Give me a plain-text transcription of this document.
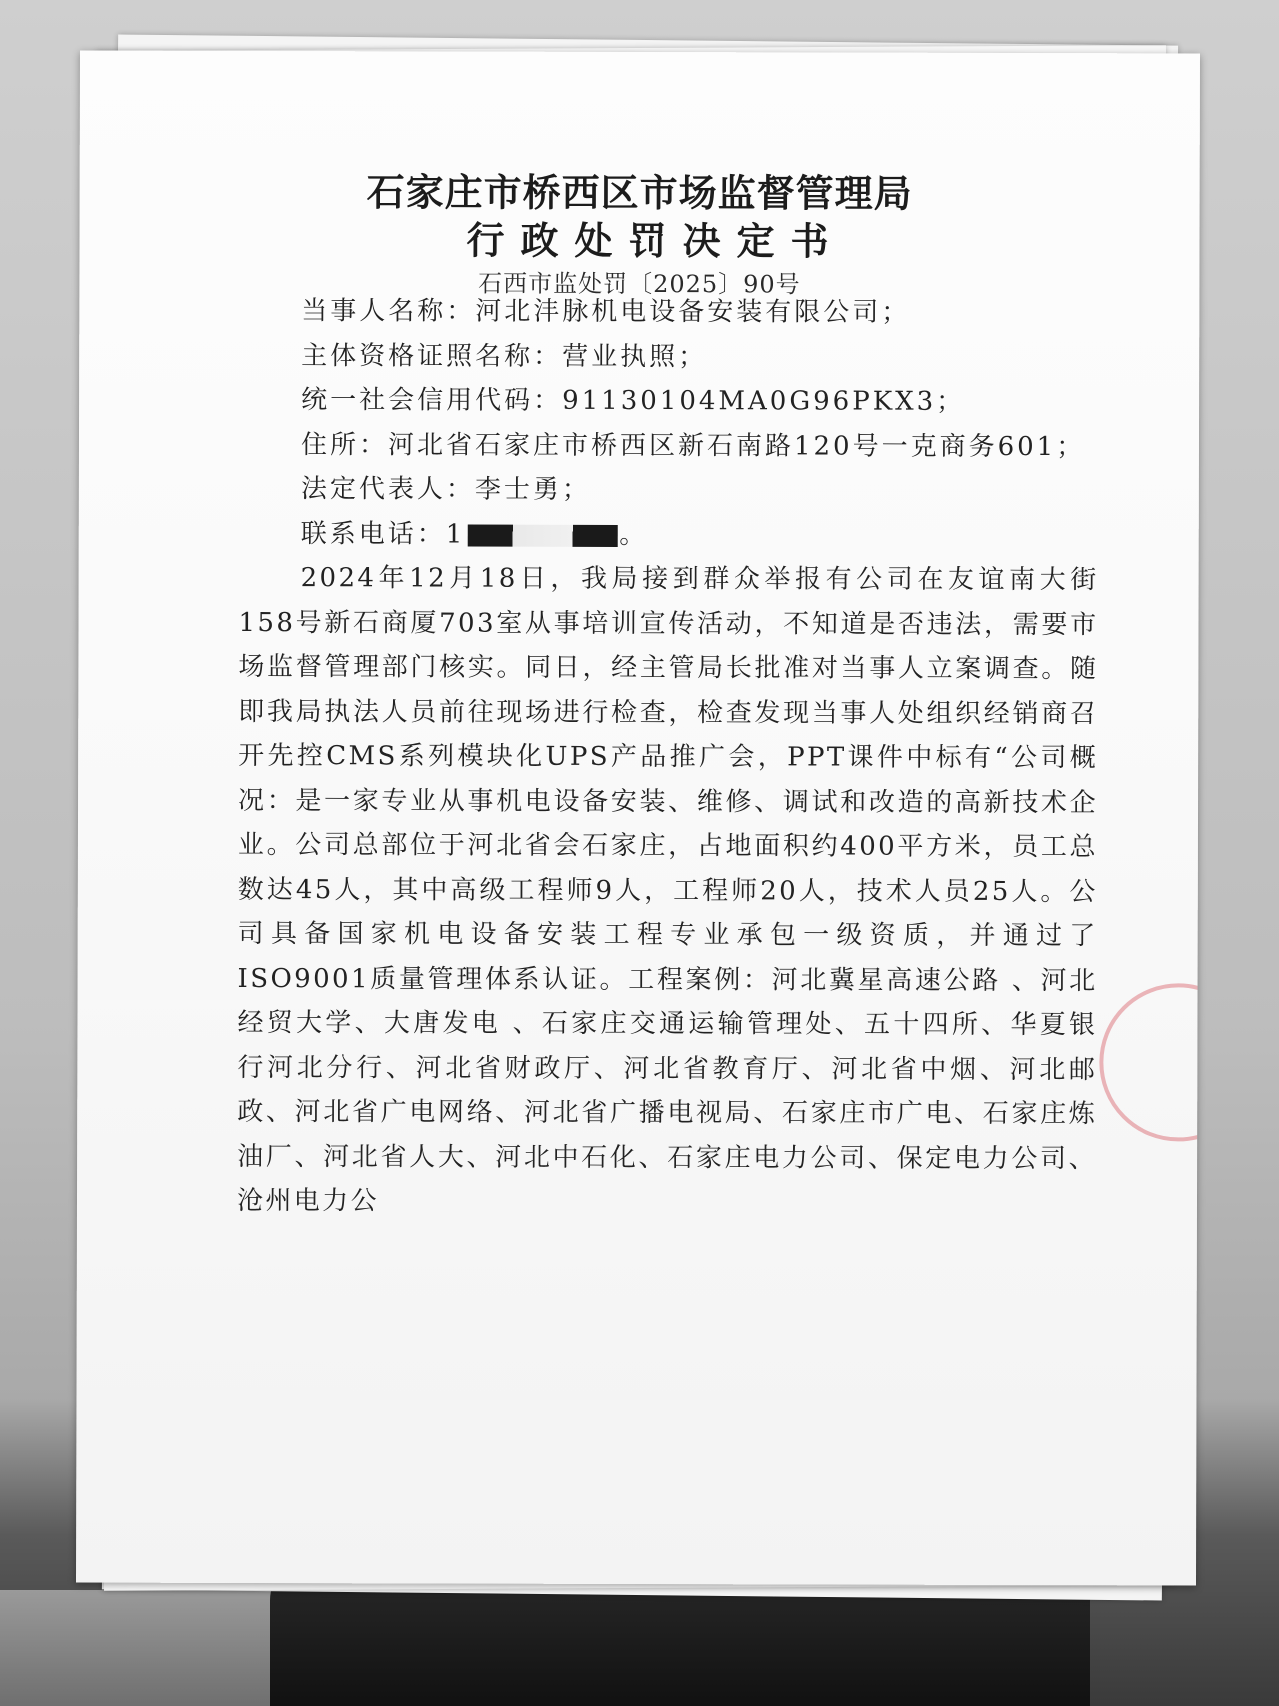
石家庄市桥西区市场监督管理局
行政处罚决定书
石西市监处罚〔2025〕90号

当事人名称：河北沣脉机电设备安装有限公司；

主体资格证照名称：营业执照；

统一社会信用代码：91130104MA0G96PKX3；

住所：河北省石家庄市桥西区新石南路120号一克商务601；

法定代表人：李士勇；

联系电话：1	。

2024年12月18日，我局接到群众举报有公司在友谊南大街158号新石商厦703室从事培训宣传活动，不知道是否违法，需要市场监督管理部门核实。同日，经主管局长批准对当事人立案调查。随即我局执法人员前往现场进行检查，检查发现当事人处组织经销商召开先控CMS系列模块化UPS产品推广会，PPT课件中标有“公司概况：是一家专业从事机电设备安装、维修、调试和改造的高新技术企业。公司总部位于河北省会石家庄，占地面积约400平方米，员工总数达45人，其中高级工程师9人，工程师20人，技术人员25人。公司具备国家机电设备安装工程专业承包一级资质，并通过了ISO9001质量管理体系认证。工程案例：河北冀星高速公路 、河北经贸大学、大唐发电 、石家庄交通运输管理处、五十四所、华夏银行河北分行、河北省财政厅、河北省教育厅、河北省中烟、河北邮政、河北省广电网络、河北省广播电视局、石家庄市广电、石家庄炼油厂、河北省人大、河北中石化、石家庄电力公司、保定电力公司、沧州电力公
